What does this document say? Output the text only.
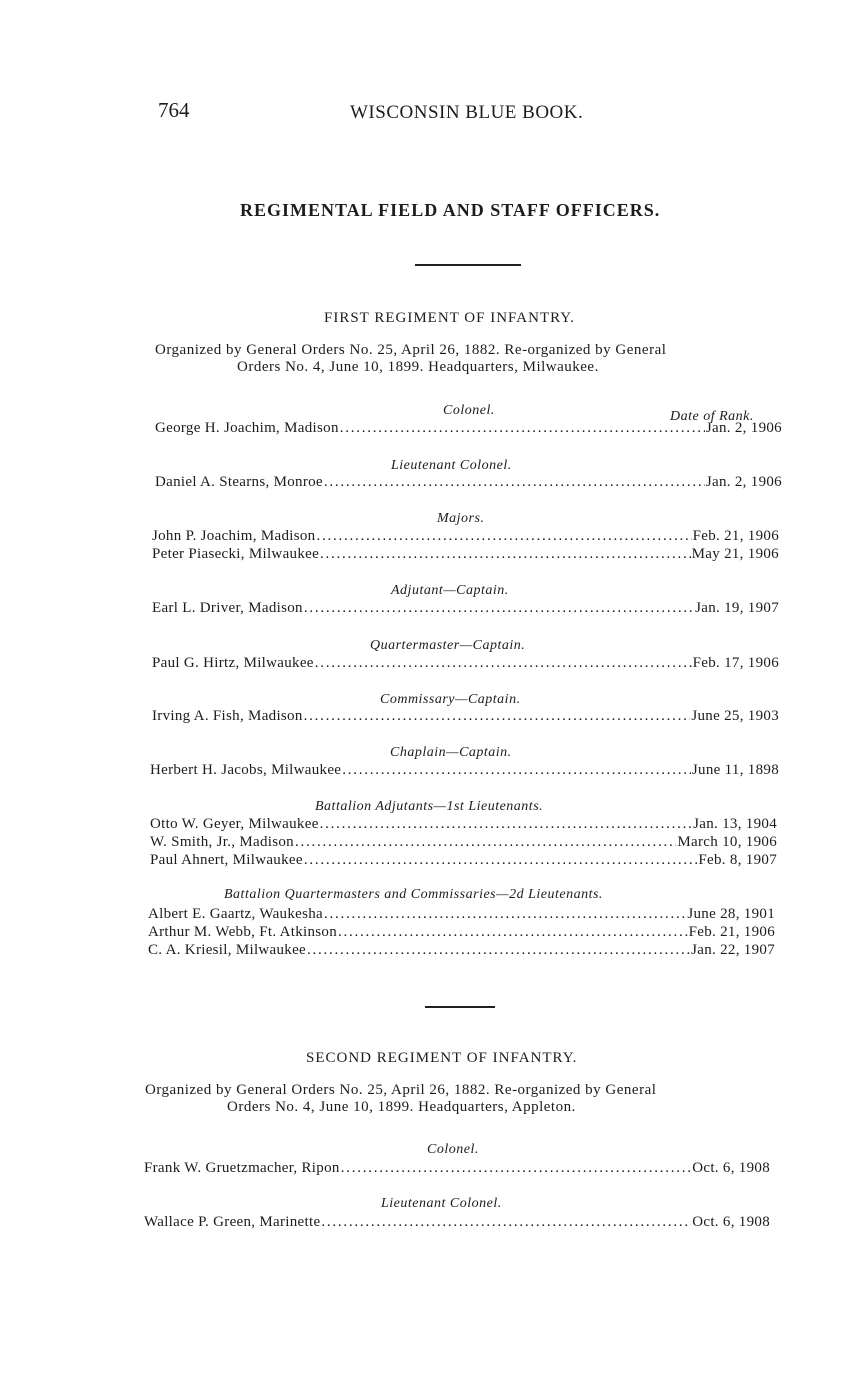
764	WISCONSIN BLUE BOOK.
REGIMENTAL FIELD AND STAFF OFFICERS.
FIRST REGIMENT OF INFANTRY.
Organized by General Orders No. 25, April 26, 1882. Re-organized by General
Orders No. 4, June 10, 1899. Headquarters, Milwaukee.
Colonel.	Date of Rank.
George H. Joachim, Madison . . .	Jan. 2, 1906
Lieutenant Colonel.
Daniel A. Stearns, Monroe . . .	Jan. 2, 1906
Majors.
John P. Joachim, Madison . . .	Feb. 21, 1906
Peter Piasecki, Milwaukee . . .	May 21, 1906
Adjutant—Captain.
Earl L. Driver, Madison . . .	Jan. 19, 1907
Quartermaster—Captain.
Paul G. Hirtz, Milwaukee . . .	Feb. 17, 1906
Commissary—Captain.
Irving A. Fish, Madison . . .	June 25, 1903
Chaplain—Captain.
Herbert H. Jacobs, Milwaukee . . .	June 11, 1898
Battalion Adjutants—1st Lieutenants.
Otto W. Geyer, Milwaukee . . .	Jan. 13, 1904
W. Smith, Jr., Madison . . .	March 10, 1906
Paul Ahnert, Milwaukee . . .	Feb. 8, 1907
Battalion Quartermasters and Commissaries—2d Lieutenants.
Albert E. Gaartz, Waukesha . . .	June 28, 1901
Arthur M. Webb, Ft. Atkinson . . .	Feb. 21, 1906
C. A. Kriesil, Milwaukee . . .	Jan. 22, 1907
SECOND REGIMENT OF INFANTRY.
Organized by General Orders No. 25, April 26, 1882. Re-organized by General
Orders No. 4, June 10, 1899. Headquarters, Appleton.
Colonel.
Frank W. Gruetzmacher, Ripon . . .	Oct. 6, 1908
Lieutenant Colonel.
Wallace P. Green, Marinette . . .	Oct. 6, 1908
